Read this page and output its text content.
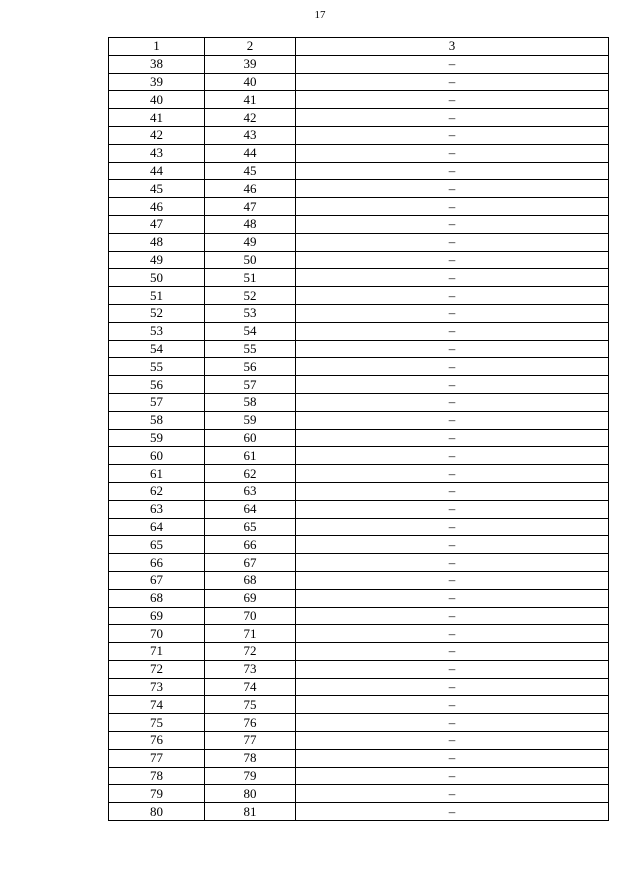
17
1	2	3
38	39	–
39	40	–
40	41	–
41	42	–
42	43	–
43	44	–
44	45	–
45	46	–
46	47	–
47	48	–
48	49	–
49	50	–
50	51	–
51	52	–
52	53	–
53	54	–
54	55	–
55	56	–
56	57	–
57	58	–
58	59	–
59	60	–
60	61	–
61	62	–
62	63	–
63	64	–
64	65	–
65	66	–
66	67	–
67	68	–
68	69	–
69	70	–
70	71	–
71	72	–
72	73	–
73	74	–
74	75	–
75	76	–
76	77	–
77	78	–
78	79	–
79	80	–
80	81	–
